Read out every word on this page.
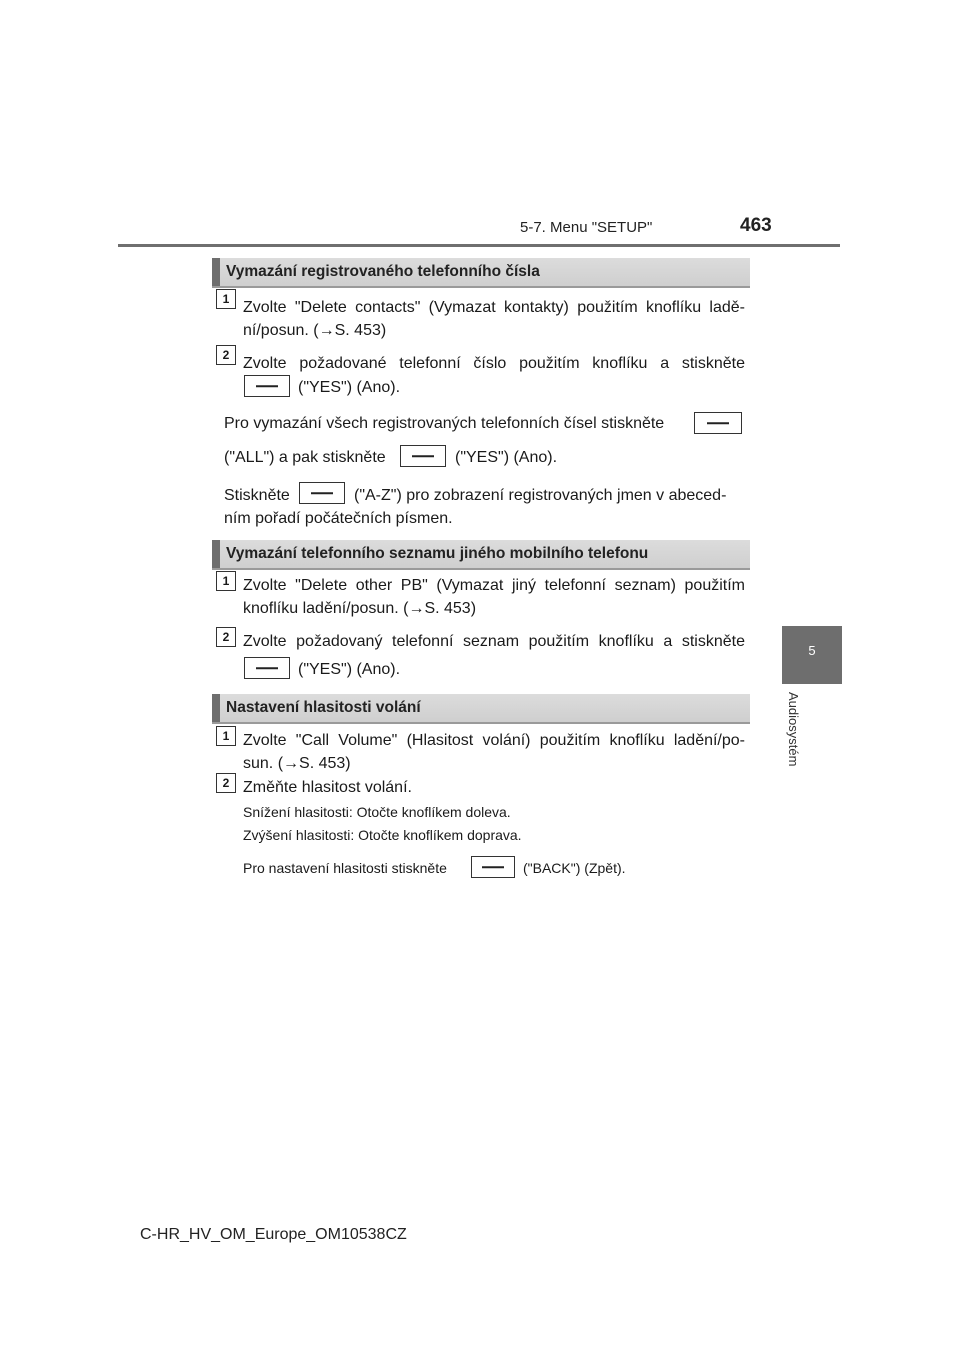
5-7. Menu "SETUP"	463
5
Audiosystém
Vymazání registrovaného telefonního čísla
1 Zvolte "Delete contacts" (Vymazat kontakty) použitím knoflíku ladě-
ní/posun. (→S. 453)
2 Zvolte požadované telefonní číslo použitím knoflíku a stiskněte
("YES") (Ano).
Pro vymazání všech registrovaných telefonních čísel stiskněte
("ALL") a pak stiskněte	("YES") (Ano).
Stiskněte	("A-Z") pro zobrazení registrovaných jmen v abeced-
ním pořadí počátečních písmen.
Vymazání telefonního seznamu jiného mobilního telefonu
1 Zvolte "Delete other PB" (Vymazat jiný telefonní seznam) použitím
knoflíku ladění/posun. (→S. 453)
2 Zvolte požadovaný telefonní seznam použitím knoflíku a stiskněte
("YES") (Ano).
Nastavení hlasitosti volání
1 Zvolte "Call Volume" (Hlasitost volání) použitím knoflíku ladění/po-
sun. (→S. 453)
2 Změňte hlasitost volání.
Snížení hlasitosti: Otočte knoflíkem doleva.
Zvýšení hlasitosti: Otočte knoflíkem doprava.
Pro nastavení hlasitosti stiskněte	("BACK") (Zpět).
C-HR_HV_OM_Europe_OM10538CZ
